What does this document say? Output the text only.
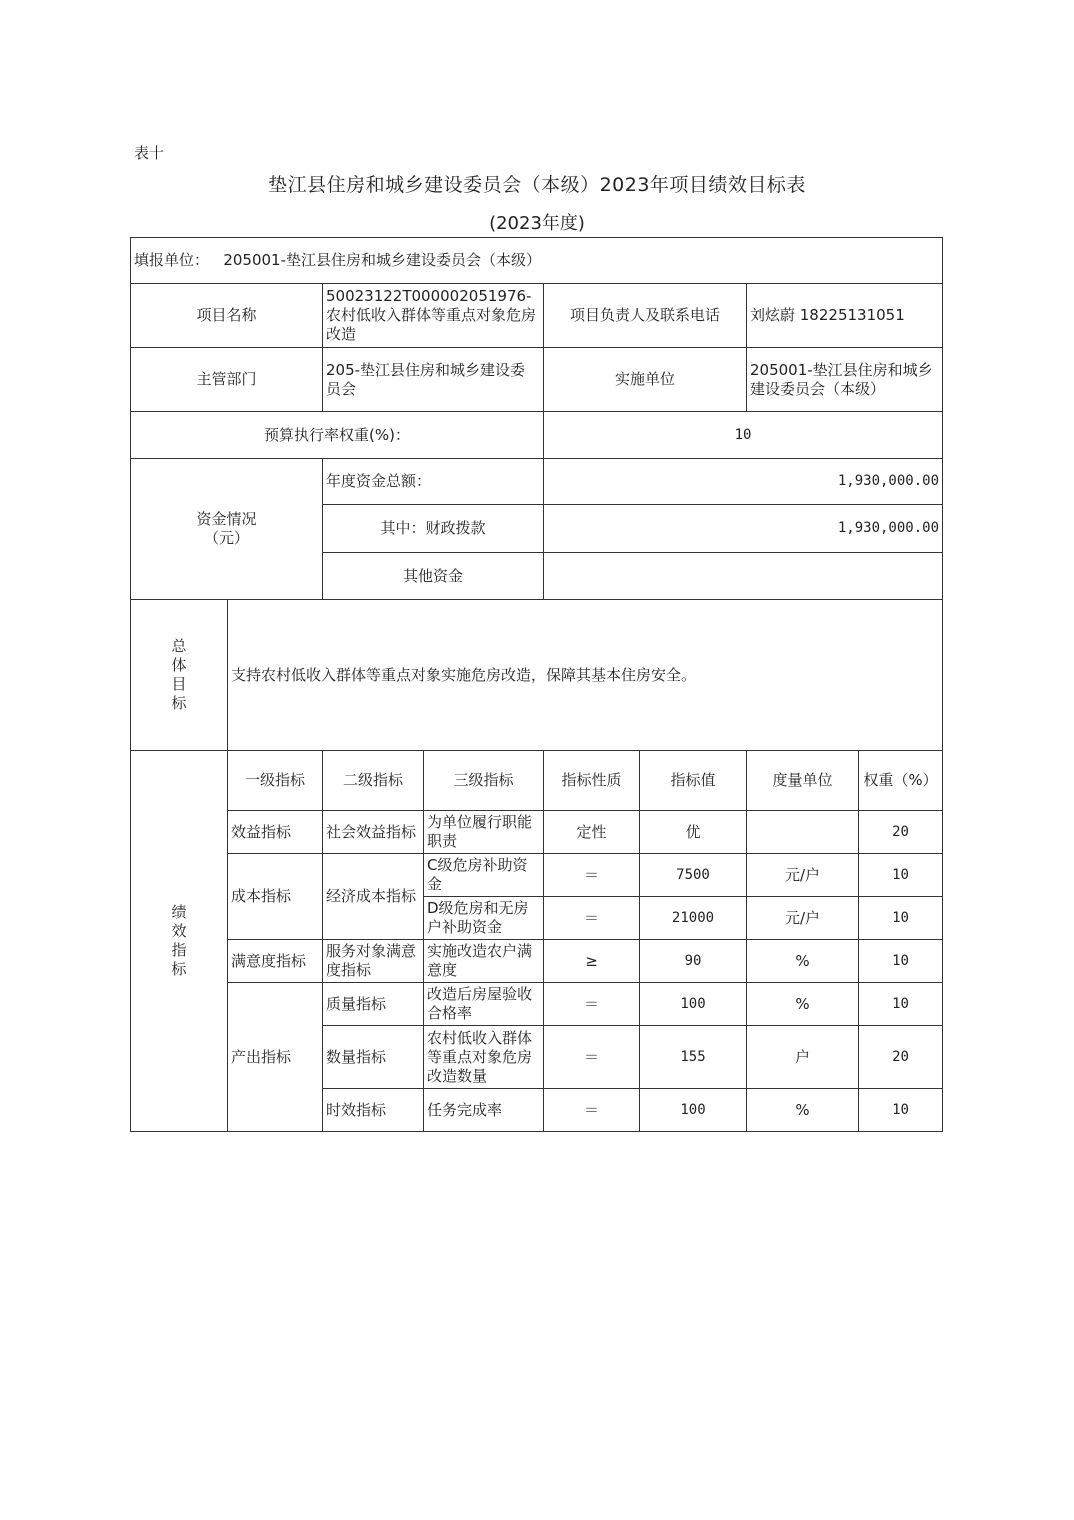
表十
垫江县住房和城乡建设委员会（本级）2023年项目绩效目标表
(2023年度)
填报单位： 205001-垫江县住房和城乡建设委员会（本级）							
项目名称		50023122T000002051976-农村低收入群体等重点对象危房改造		项目负责人及联系电话		刘炫蔚 18225131051	
主管部门		205-垫江县住房和城乡建设委员会		实施单位		205001-垫江县住房和城乡建设委员会（本级）	
预算执行率权重(%)：				10			
资金情况
（元）		年度资金总额：		1,930,000.00			
		其中：财政拨款		1,930,000.00			
		其他资金					

总
体
目
标	支持农村低收入群体等重点对象实施危房改造，保障其基本住房安全。						

绩
效
指
标	一级指标	二级指标	三级指标	指标性质	指标值	度量单位	权重（%）
	效益指标	社会效益指标	为单位履行职能职责	定性	优		20
	成本指标	经济成本指标	C级危房补助资金	＝	7500	元/户	10
			D级危房和无房户补助资金	＝	21000	元/户	10
	满意度指标	服务对象满意度指标	实施改造农户满意度	≥	90	%	10
	产出指标	质量指标	改造后房屋验收合格率	＝	100	%	10
		数量指标	农村低收入群体等重点对象危房改造数量	＝	155	户	20
		时效指标	任务完成率	＝	100	%	10
